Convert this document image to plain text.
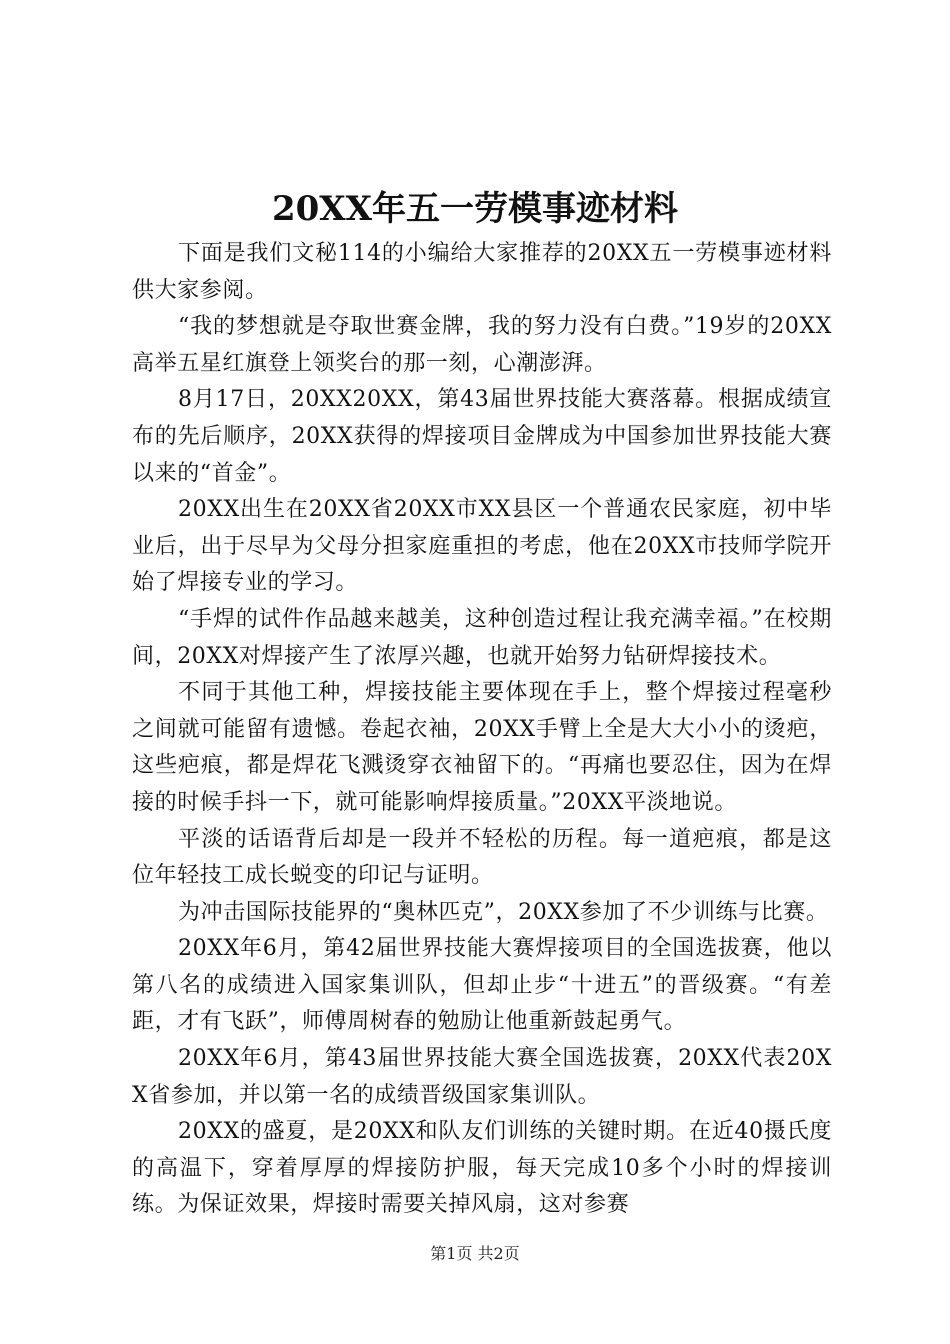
20XX年五一劳模事迹材料

下面是我们文秘114的小编给大家推荐的20XX五一劳模事迹材料供大家参阅。

“我的梦想就是夺取世赛金牌，我的努力没有白费。”19岁的20XX高举五星红旗登上领奖台的那一刻，心潮澎湃。

8月17日，20XX20XX，第43届世界技能大赛落幕。根据成绩宣布的先后顺序，20XX获得的焊接项目金牌成为中国参加世界技能大赛以来的“首金”。

20XX出生在20XX省20XX市XX县区一个普通农民家庭，初中毕业后，出于尽早为父母分担家庭重担的考虑，他在20XX市技师学院开始了焊接专业的学习。

“手焊的试件作品越来越美，这种创造过程让我充满幸福。”在校期间，20XX对焊接产生了浓厚兴趣，也就开始努力钻研焊接技术。

不同于其他工种，焊接技能主要体现在手上，整个焊接过程毫秒之间就可能留有遗憾。卷起衣袖，20XX手臂上全是大大小小的烫疤，这些疤痕，都是焊花飞溅烫穿衣袖留下的。“再痛也要忍住，因为在焊接的时候手抖一下，就可能影响焊接质量。”20XX平淡地说。

平淡的话语背后却是一段并不轻松的历程。每一道疤痕，都是这位年轻技工成长蜕变的印记与证明。

为冲击国际技能界的“奥林匹克”，20XX参加了不少训练与比赛。

20XX年6月，第42届世界技能大赛焊接项目的全国选拔赛，他以第八名的成绩进入国家集训队，但却止步“十进五”的晋级赛。“有差距，才有飞跃”，师傅周树春的勉励让他重新鼓起勇气。

20XX年6月，第43届世界技能大赛全国选拔赛，20XX代表20XX省参加，并以第一名的成绩晋级国家集训队。

20XX的盛夏，是20XX和队友们训练的关键时期。在近40摄氏度的高温下，穿着厚厚的焊接防护服，每天完成10多个小时的焊接训练。为保证效果，焊接时需要关掉风扇，这对参赛

第1页 共2页
